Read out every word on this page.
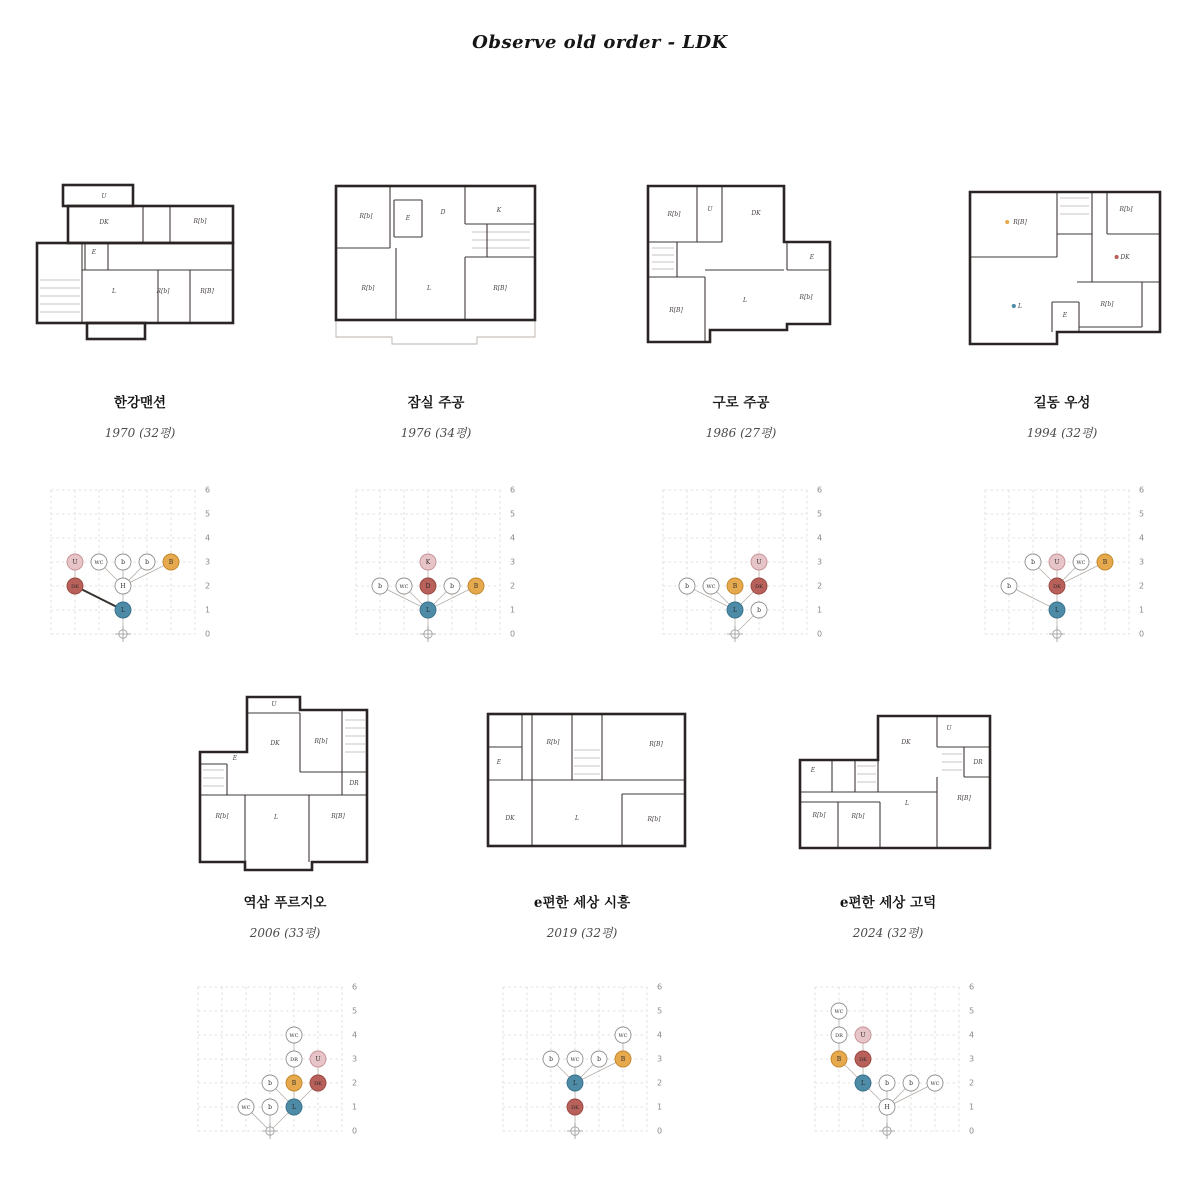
Observe old order - LDK
U
DK	R[b]
E
L	R[b]	R[B]
한강맨션
1970 (32평)
6
5
4
3
2
1
0
U	WC	b	b	B
DK	H
L
R[b]	E
D	K
R[b]	L	R[B]
잠실 주공
1976 (34평)
6
5
4
3
2
1
0
K
b	WC	D	b	B
L
R[b]
U
DK
E
L
R[B]
R[b]
구로 주공
1986 (27평)
6
5
4
3
2
1
0
U
b	WC	B	DK
L	b
R[B]
R[b]
DK
L
E
R[b]
길동 우성
1994 (32평)
6
5
4
3
2
1
0
b	U	WC	B
b	DK
L
U
DK	R[b]
E
DR
R[b]	L	R[B]
역삼 푸르지오
2006 (33평)
6
5
4
3
2
1
0
WC
DR	U
b	B	DK
WC	b	L
E
R[b]	R[B]
DK	L	R[b]
e편한 세상 시흥
2019 (32평)
6
5
4
3
2
1
0
WC
b	WC	b	B
L
DK
DK
U
DR
E
L
R[B]
R[b]	R[b]
e편한 세상 고덕
2024 (32평)
6
5
4
3
2
1
0
WC
DR	U
B	DK
L	b	b	WC
H
